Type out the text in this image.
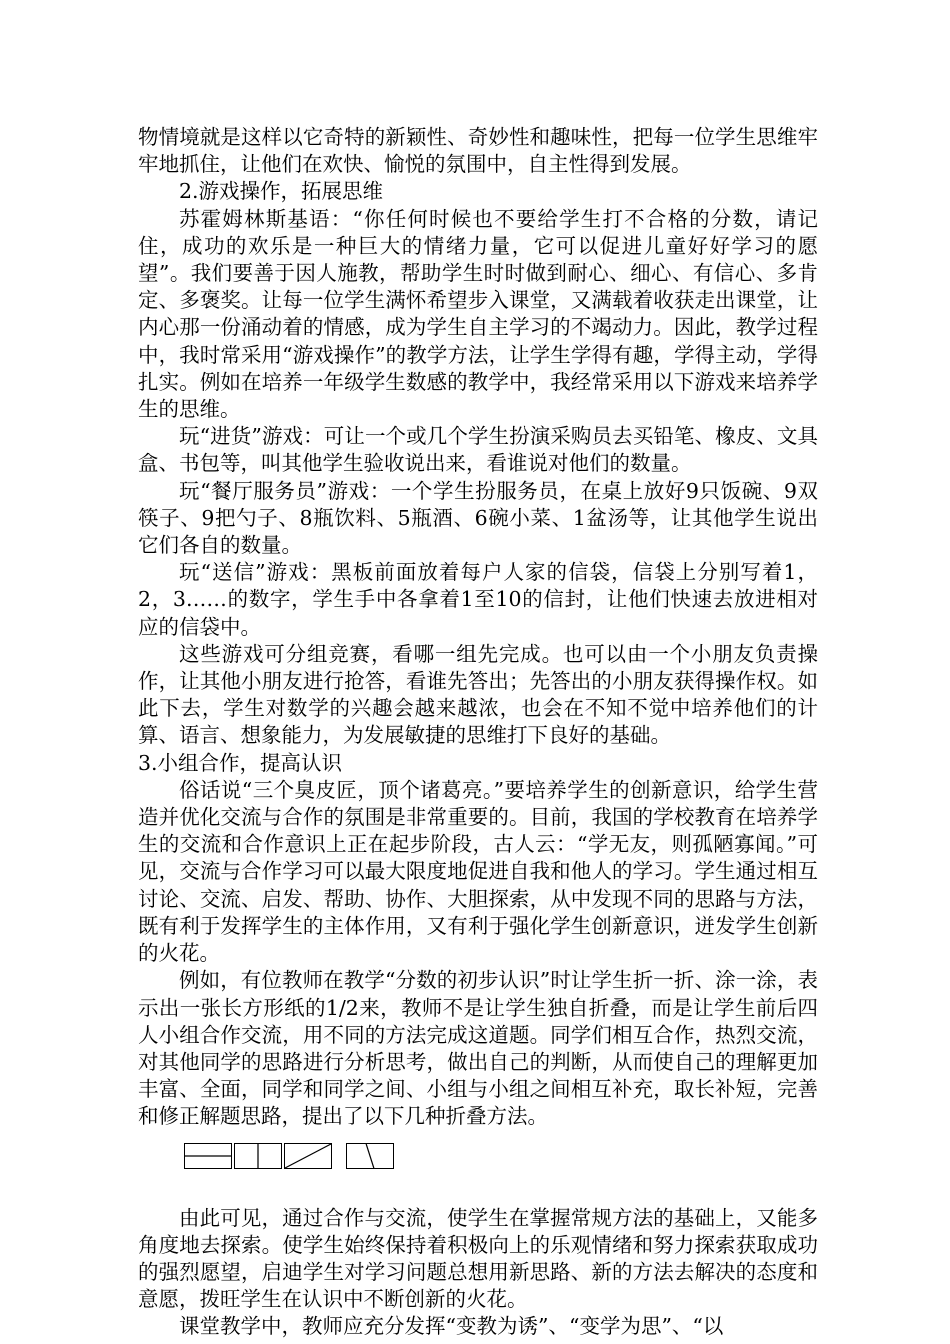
物情境就是这样以它奇特的新颖性、奇妙性和趣味性，把每一位学生思维牢牢地抓住，让他们在欢快、愉悦的氛围中，自主性得到发展。

2.游戏操作，拓展思维

苏霍姆林斯基语：“你任何时候也不要给学生打不合格的分数，请记住，成功的欢乐是一种巨大的情绪力量，它可以促进儿童好好学习的愿望”。我们要善于因人施教，帮助学生时时做到耐心、细心、有信心、多肯定、多褒奖。让每一位学生满怀希望步入课堂，又满载着收获走出课堂，让内心那一份涌动着的情感，成为学生自主学习的不竭动力。因此，教学过程中，我时常采用“游戏操作”的教学方法，让学生学得有趣，学得主动，学得扎实。例如在培养一年级学生数感的教学中，我经常采用以下游戏来培养学生的思维。

玩“进货”游戏：可让一个或几个学生扮演采购员去买铅笔、橡皮、文具盒、书包等，叫其他学生验收说出来，看谁说对他们的数量。

玩“餐厅服务员”游戏：一个学生扮服务员，在桌上放好9只饭碗、9双筷子、9把勺子、8瓶饮料、5瓶酒、6碗小菜、1盆汤等，让其他学生说出它们各自的数量。

玩“送信”游戏：黑板前面放着每户人家的信袋，信袋上分别写着1，2，3……的数字，学生手中各拿着1至10的信封，让他们快速去放进相对应的信袋中。

这些游戏可分组竞赛，看哪一组先完成。也可以由一个小朋友负责操作，让其他小朋友进行抢答，看谁先答出；先答出的小朋友获得操作权。如此下去，学生对数学的兴趣会越来越浓，也会在不知不觉中培养他们的计算、语言、想象能力，为发展敏捷的思维打下良好的基础。

3.小组合作，提高认识

俗话说“三个臭皮匠，顶个诸葛亮。”要培养学生的创新意识，给学生营造并优化交流与合作的氛围是非常重要的。目前，我国的学校教育在培养学生的交流和合作意识上正在起步阶段，古人云：“学无友，则孤陋寡闻。”可见，交流与合作学习可以最大限度地促进自我和他人的学习。学生通过相互讨论、交流、启发、帮助、协作、大胆探索，从中发现不同的思路与方法，既有利于发挥学生的主体作用，又有利于强化学生创新意识，迸发学生创新的火花。

例如，有位教师在教学“分数的初步认识”时让学生折一折、涂一涂，表示出一张长方形纸的1/2来，教师不是让学生独自折叠，而是让学生前后四人小组合作交流，用不同的方法完成这道题。同学们相互合作，热烈交流，对其他同学的思路进行分析思考，做出自己的判断，从而使自己的理解更加丰富、全面，同学和同学之间、小组与小组之间相互补充，取长补短，完善和修正解题思路，提出了以下几种折叠方法。

由此可见，通过合作与交流，使学生在掌握常规方法的基础上，又能多角度地去探索。使学生始终保持着积极向上的乐观情绪和努力探索获取成功的强烈愿望，启迪学生对学习问题总想用新思路、新的方法去解决的态度和意愿，拨旺学生在认识中不断创新的火花。

课堂教学中，教师应充分发挥“变教为诱”、“变学为思”、“以
